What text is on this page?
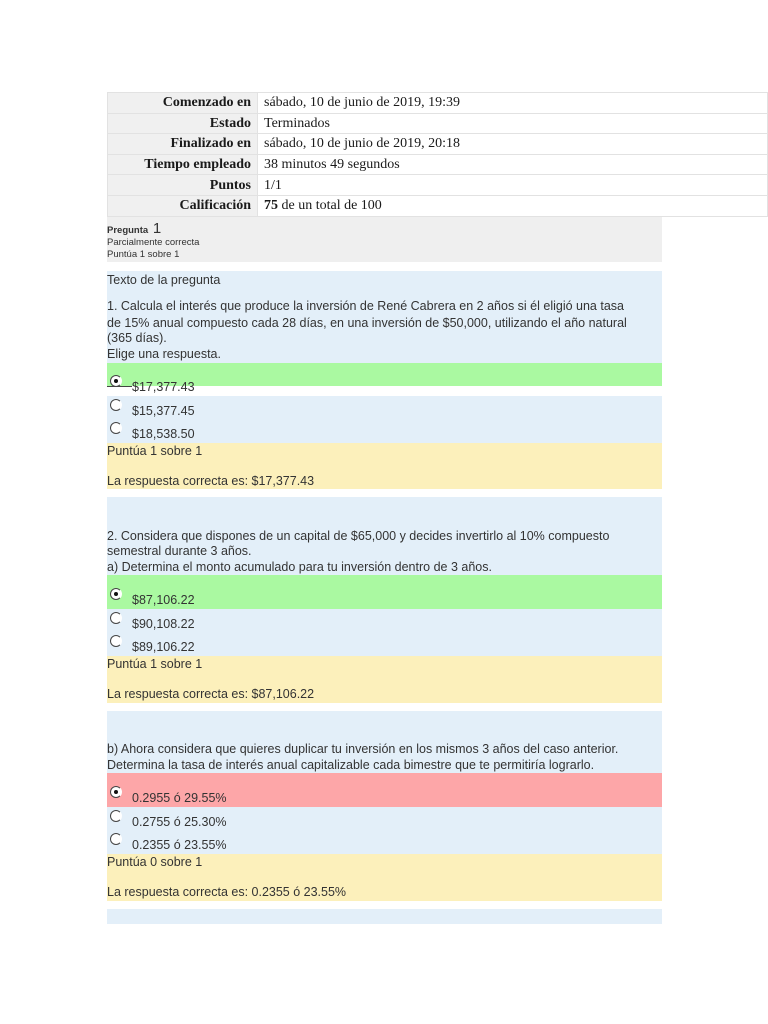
Comenzado en	sábado, 10 de junio de 2019, 19:39
Estado	Terminados
Finalizado en	sábado, 10 de junio de 2019, 20:18
Tiempo empleado	38 minutos 49 segundos
Puntos	1/1
Calificación	75 de un total de 100
Pregunta 1
Parcialmente correcta
Puntúa 1 sobre 1
Texto de la pregunta
1. Calcula el interés que produce la inversión de René Cabrera en 2 años si él eligió una tasa
de 15% anual compuesto cada 28 días, en una inversión de $50,000, utilizando el año natural
(365 días).
Elige una respuesta.
$17,377.43
$15,377.45
$18,538.50
Puntúa 1 sobre 1
La respuesta correcta es: $17,377.43
2. Considera que dispones de un capital de $65,000 y decides invertirlo al 10% compuesto
semestral durante 3 años.
a) Determina el monto acumulado para tu inversión dentro de 3 años.
$87,106.22
$90,108.22
$89,106.22
Puntúa 1 sobre 1
La respuesta correcta es: $87,106.22
b) Ahora considera que quieres duplicar tu inversión en los mismos 3 años del caso anterior.
Determina la tasa de interés anual capitalizable cada bimestre que te permitiría lograrlo.
0.2955 ó 29.55%
0.2755 ó 25.30%
0.2355 ó 23.55%
Puntúa 0 sobre 1
La respuesta correcta es: 0.2355 ó 23.55%
